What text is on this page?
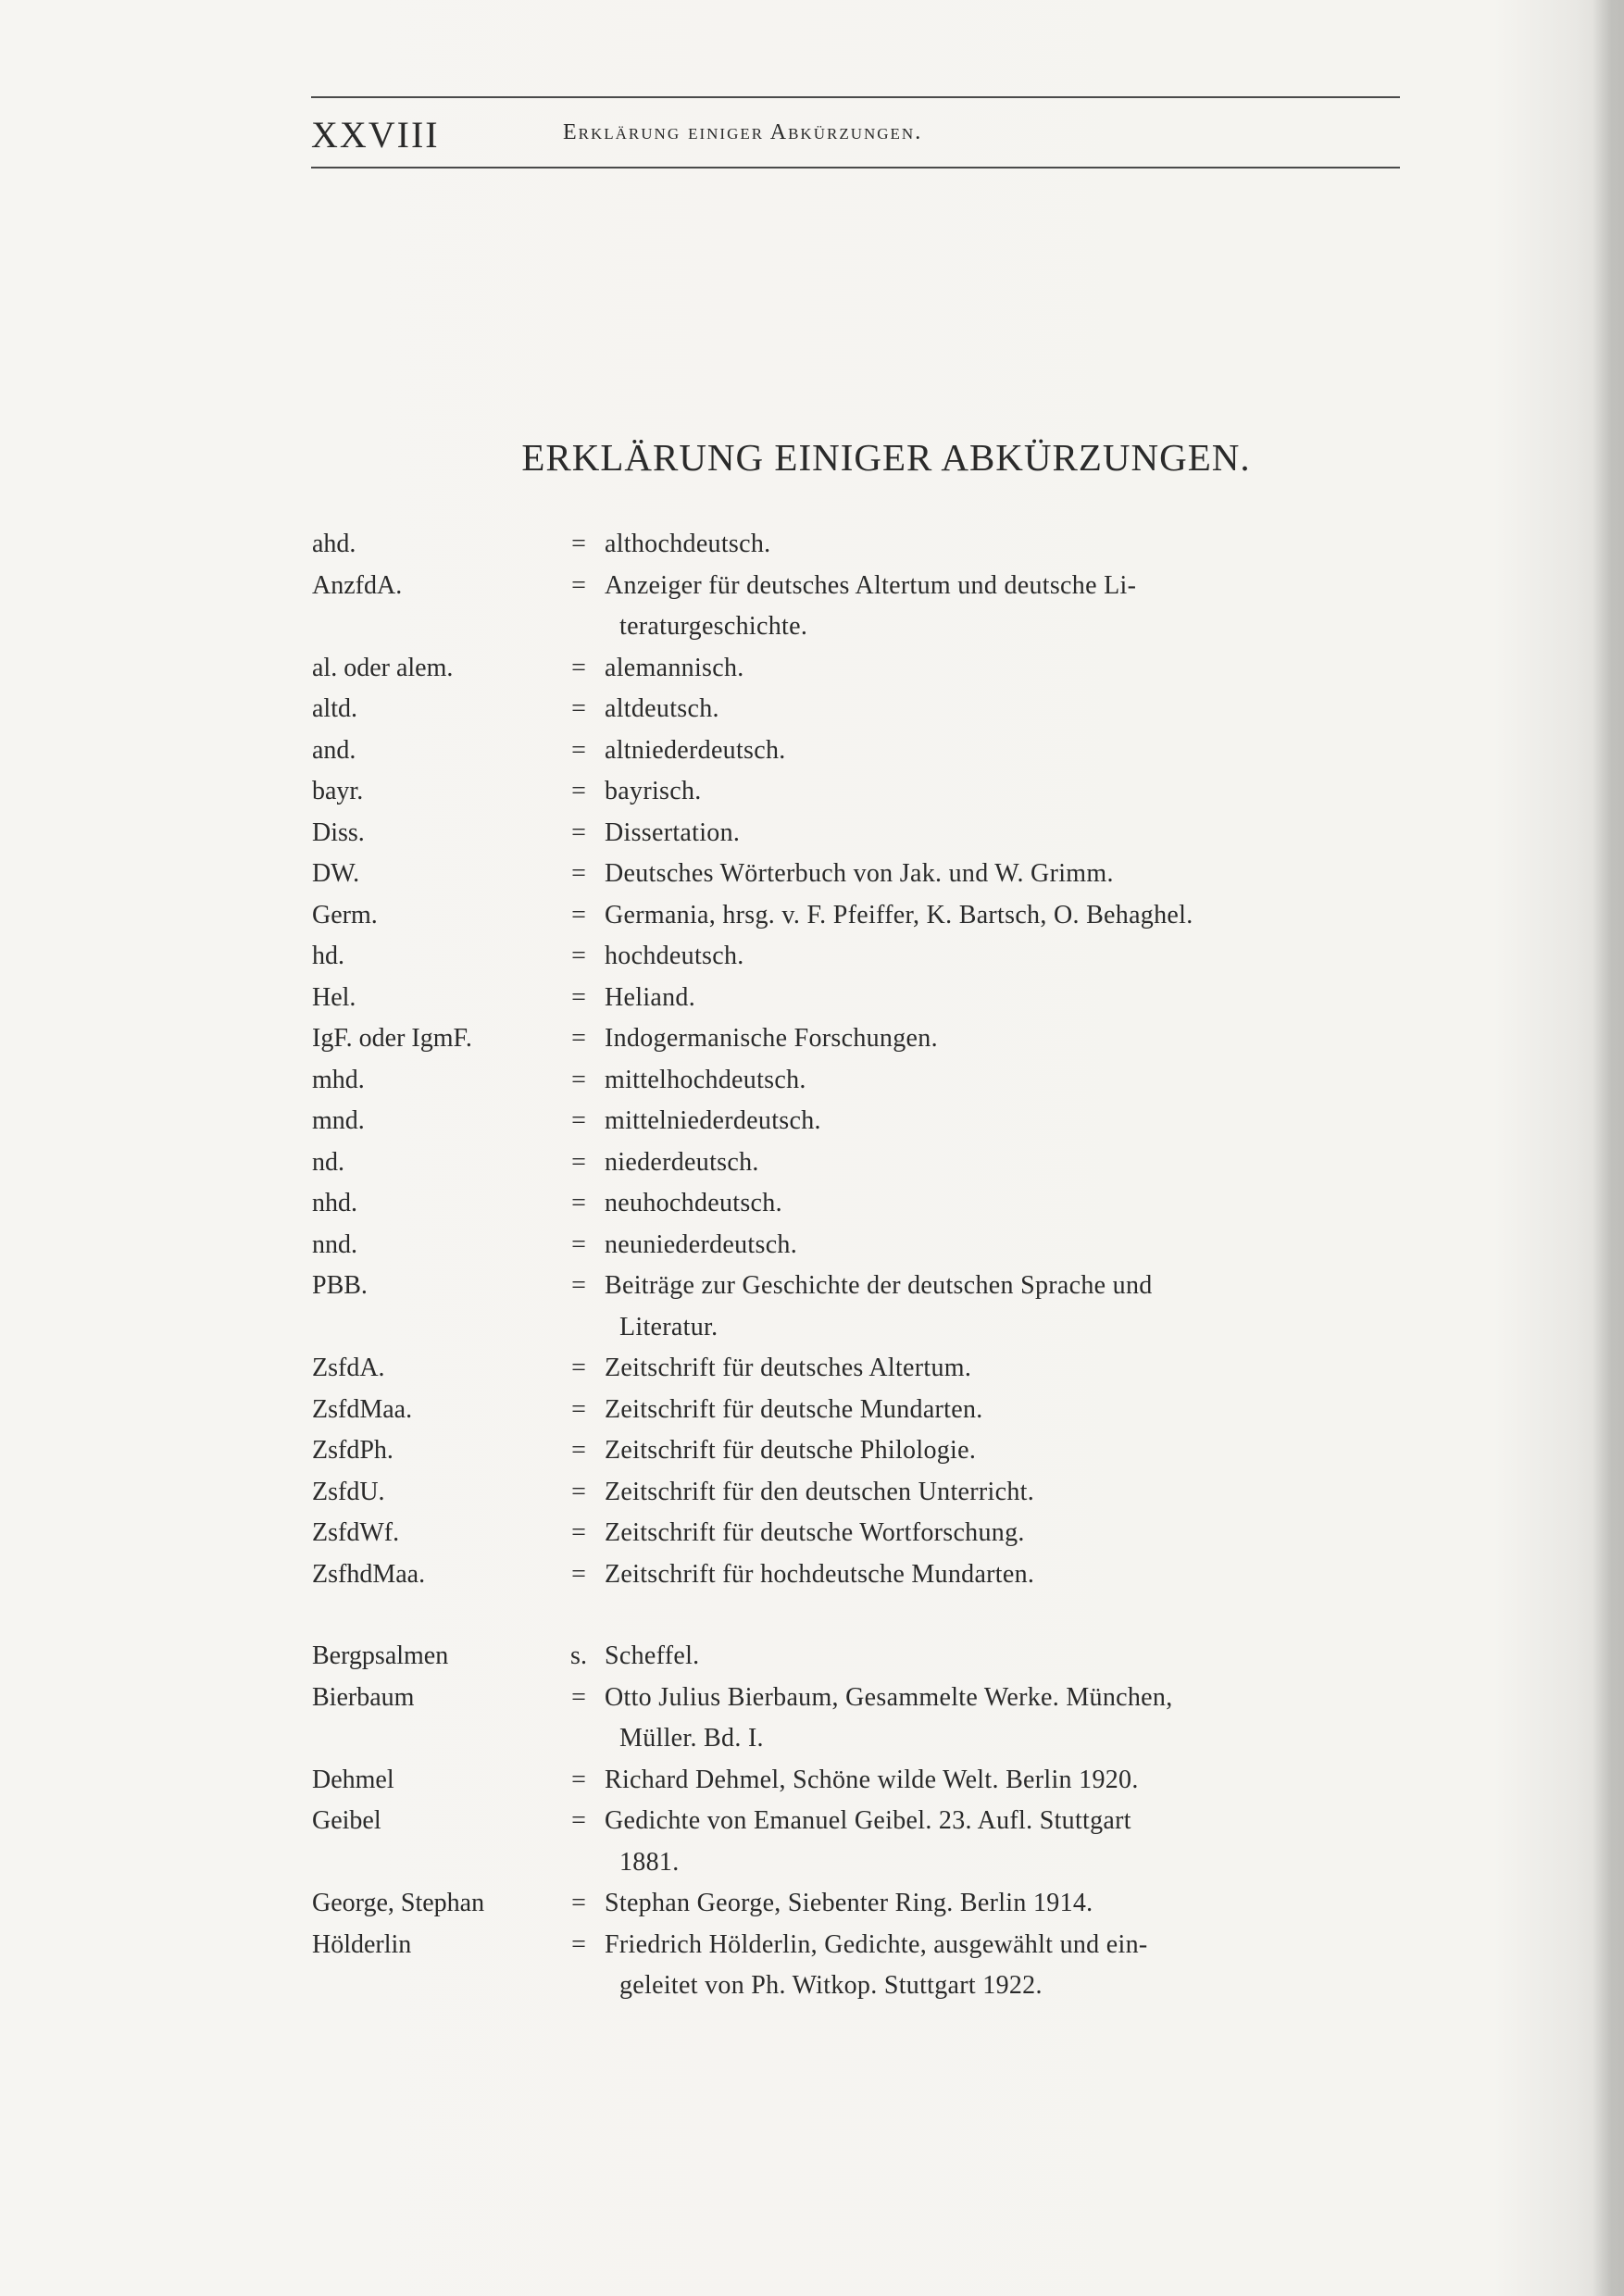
XXVIII	Erklärung einiger Abkürzungen.
ERKLÄRUNG EINIGER ABKÜRZUNGEN.
ahd.	= althochdeutsch.
AnzfdA.	= Anzeiger für deutsches Altertum und deutsche Li-
teraturgeschichte.
al. oder alem.	= alemannisch.
altd.	= altdeutsch.
and.	= altniederdeutsch.
bayr.	= bayrisch.
Diss.	= Dissertation.
DW.	= Deutsches Wörterbuch von Jak. und W. Grimm.
Germ.	= Germania, hrsg. v. F. Pfeiffer, K. Bartsch, O. Behaghel.
hd.	= hochdeutsch.
Hel.	= Heliand.
IgF. oder IgmF.	= Indogermanische Forschungen.
mhd.	= mittelhochdeutsch.
mnd.	= mittelniederdeutsch.
nd.	= niederdeutsch.
nhd.	= neuhochdeutsch.
nnd.	= neuniederdeutsch.
PBB.	= Beiträge zur Geschichte der deutschen Sprache und
Literatur.
ZsfdA.	= Zeitschrift für deutsches Altertum.
ZsfdMaa.	= Zeitschrift für deutsche Mundarten.
ZsfdPh.	= Zeitschrift für deutsche Philologie.
ZsfdU.	= Zeitschrift für den deutschen Unterricht.
ZsfdWf.	= Zeitschrift für deutsche Wortforschung.
ZsfhdMaa.	= Zeitschrift für hochdeutsche Mundarten.
Bergpsalmen	s. Scheffel.
Bierbaum	= Otto Julius Bierbaum, Gesammelte Werke. München,
Müller. Bd. I.
Dehmel	= Richard Dehmel, Schöne wilde Welt. Berlin 1920.
Geibel	= Gedichte von Emanuel Geibel. 23. Aufl. Stuttgart
1881.
George, Stephan	= Stephan George, Siebenter Ring. Berlin 1914.
Hölderlin	= Friedrich Hölderlin, Gedichte, ausgewählt und ein-
geleitet von Ph. Witkop. Stuttgart 1922.
